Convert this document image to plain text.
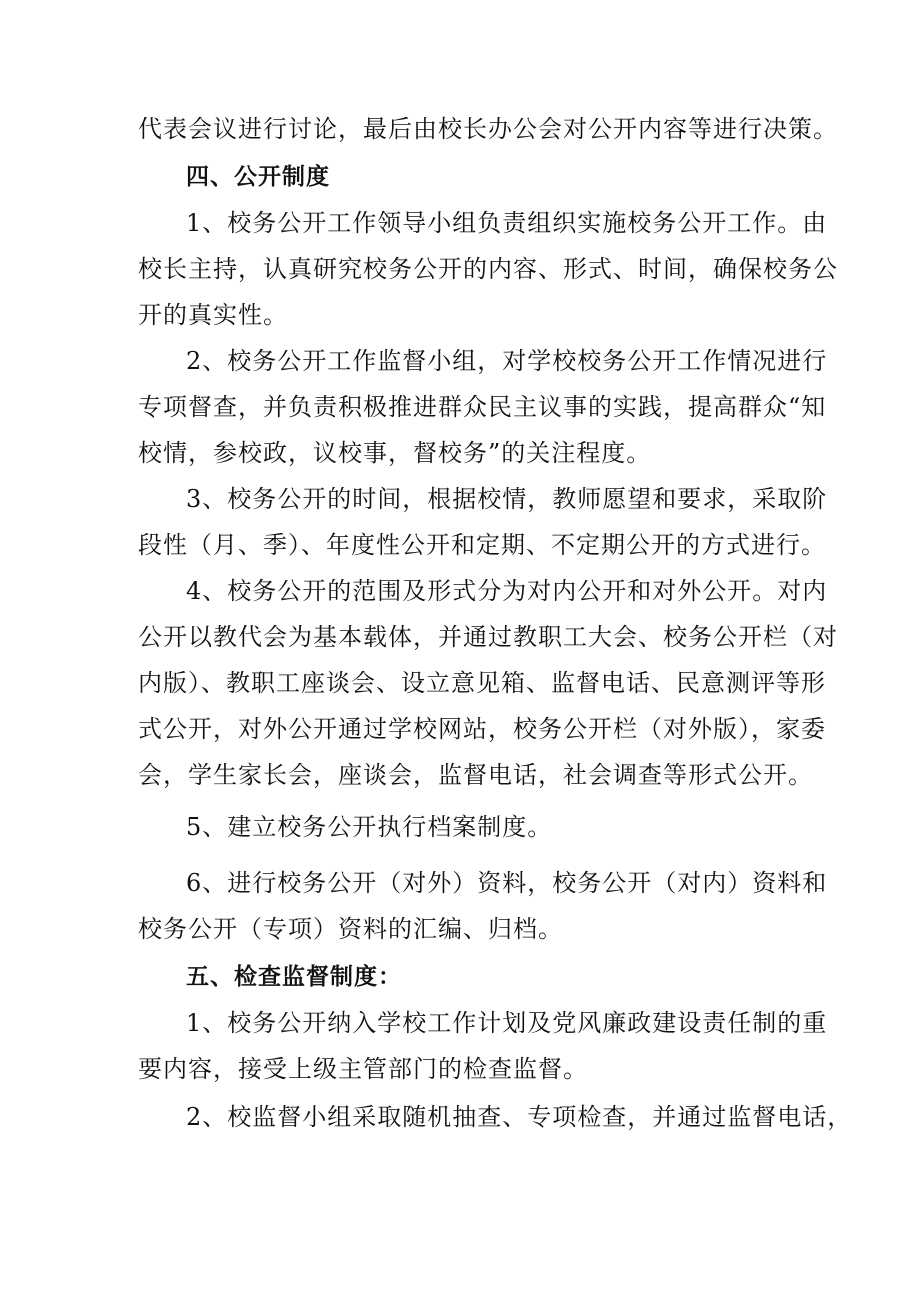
代表会议进行讨论，最后由校长办公会对公开内容等进行决策。
四、公开制度
1、校务公开工作领导小组负责组织实施校务公开工作。由
校长主持，认真研究校务公开的内容、形式、时间，确保校务公
开的真实性。
2、校务公开工作监督小组，对学校校务公开工作情况进行
专项督查，并负责积极推进群众民主议事的实践，提高群众“知
校情，参校政，议校事，督校务”的关注程度。
3、校务公开的时间，根据校情，教师愿望和要求，采取阶
段性（月、季）、年度性公开和定期、不定期公开的方式进行。
4、校务公开的范围及形式分为对内公开和对外公开。对内
公开以教代会为基本载体，并通过教职工大会、校务公开栏（对
内版）、教职工座谈会、设立意见箱、监督电话、民意测评等形
式公开，对外公开通过学校网站，校务公开栏（对外版），家委
会，学生家长会，座谈会，监督电话，社会调查等形式公开。
5、建立校务公开执行档案制度。
6、进行校务公开（对外）资料，校务公开（对内）资料和
校务公开（专项）资料的汇编、归档。
五、检查监督制度：
1、校务公开纳入学校工作计划及党风廉政建设责任制的重
要内容，接受上级主管部门的检查监督。
2、校监督小组采取随机抽查、专项检查，并通过监督电话，
